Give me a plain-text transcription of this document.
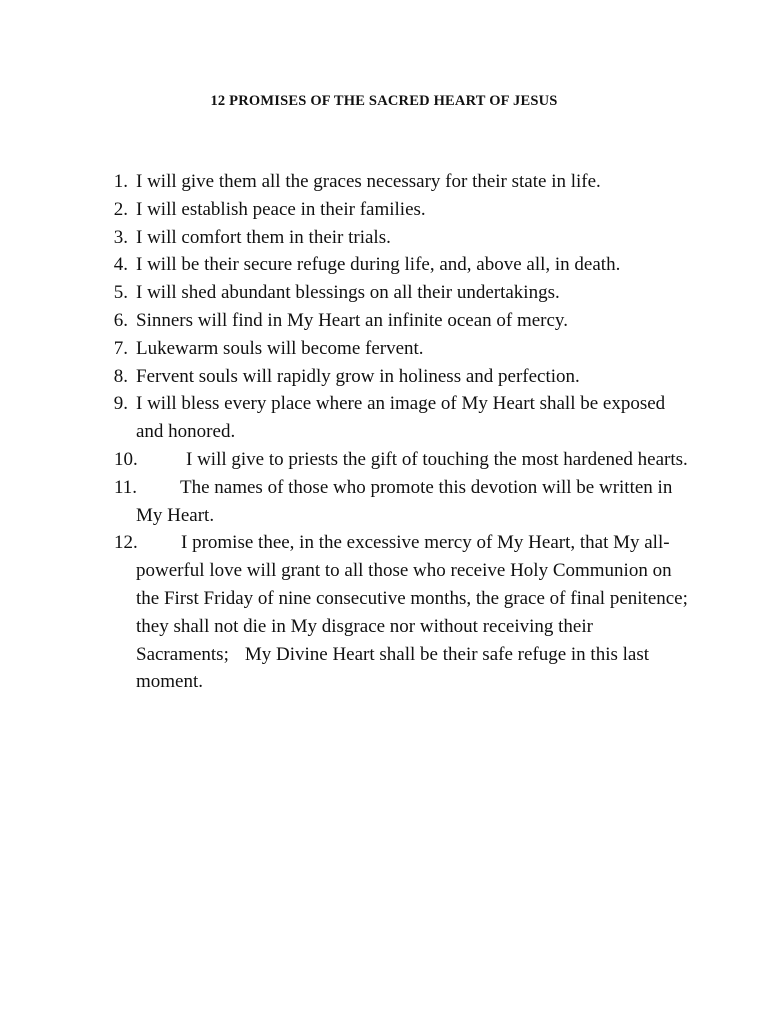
12 PROMISES OF THE SACRED HEART OF JESUS
1. I will give them all the graces necessary for their state in life.
2. I will establish peace in their families.
3. I will comfort them in their trials.
4. I will be their secure refuge during life, and, above all, in death.
5. I will shed abundant blessings on all their undertakings.
6. Sinners will find in My Heart an infinite ocean of mercy.
7. Lukewarm souls will become fervent.
8. Fervent souls will rapidly grow in holiness and perfection.
9. I will bless every place where an image of My Heart shall be exposed and honored.
10.	I will give to priests the gift of touching the most hardened hearts.
11. The names of those who promote this devotion will be written in My Heart.
12. I promise thee, in the excessive mercy of My Heart, that My all-powerful love will grant to all those who receive Holy Communion on the First Friday of nine consecutive months, the grace of final penitence; they shall not die in My disgrace nor without receiving their Sacraments; My Divine Heart shall be their safe refuge in this last moment.
